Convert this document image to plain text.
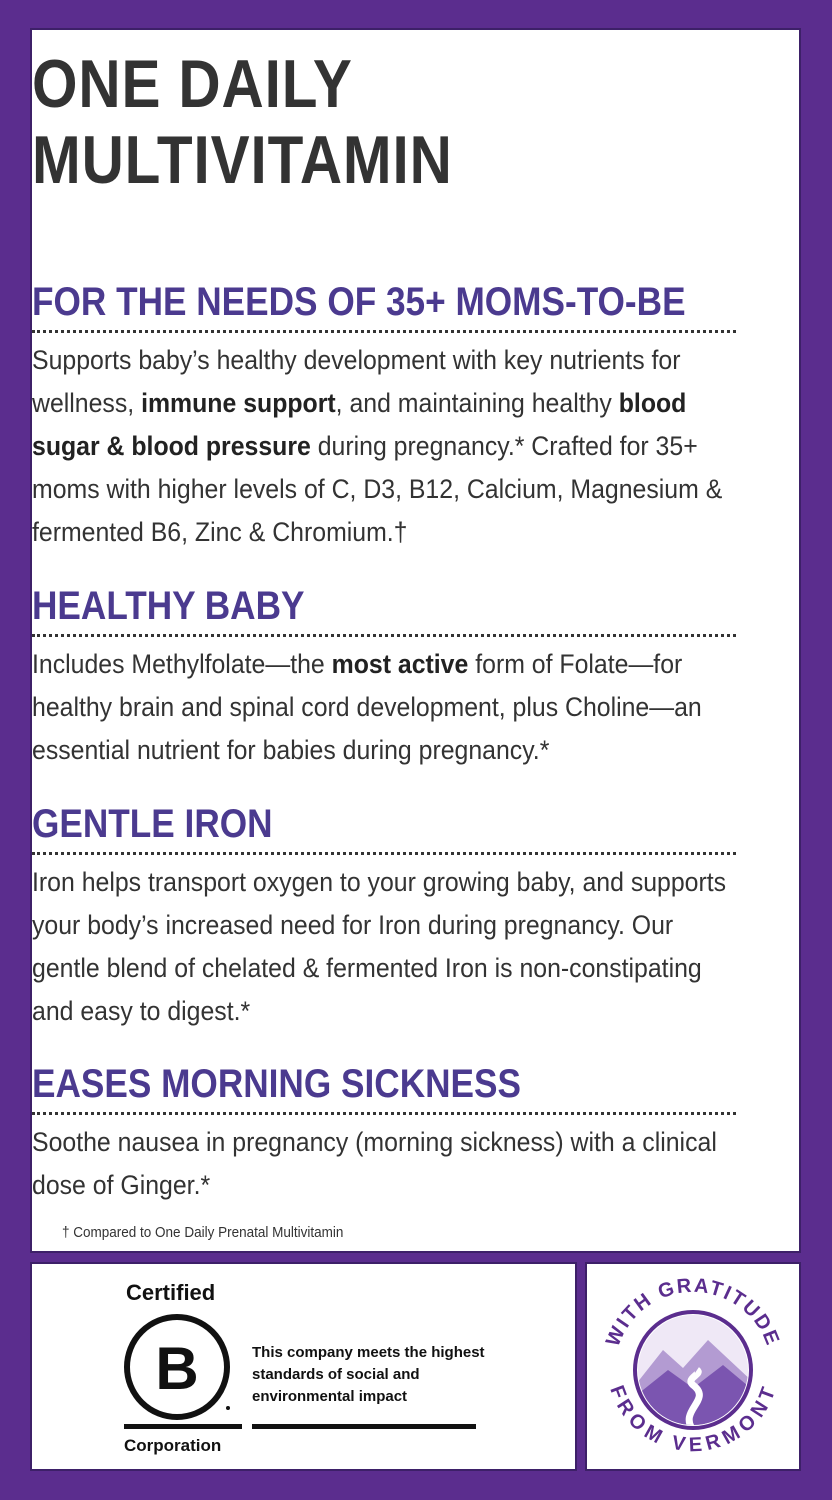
ONE DAILY
MULTIVITAMIN
FOR THE NEEDS OF 35+ MOMS-TO-BE

Supports baby’s healthy development with key nutrients for wellness, immune support, and maintaining healthy blood sugar & blood pressure during pregnancy.* Crafted for 35+ moms with higher levels of C, D3, B12, Calcium, Magnesium & fermented B6, Zinc & Chromium.†

HEALTHY BABY

Includes Methylfolate—the most active form of Folate—for healthy brain and spinal cord development, plus Choline—an essential nutrient for babies during pregnancy.*

GENTLE IRON

Iron helps transport oxygen to your growing baby, and supports your body’s increased need for Iron during pregnancy. Our gentle blend of chelated & fermented Iron is non-constipating and easy to digest.*

EASES MORNING SICKNESS

Soothe nausea in pregnancy (morning sickness) with a clinical dose of Ginger.*

† Compared to One Daily Prenatal Multivitamin
Certified
B
Corporation
This company meets the highest standards of social and environmental impact
WITH GRATITUDE
FROM VERMONT
